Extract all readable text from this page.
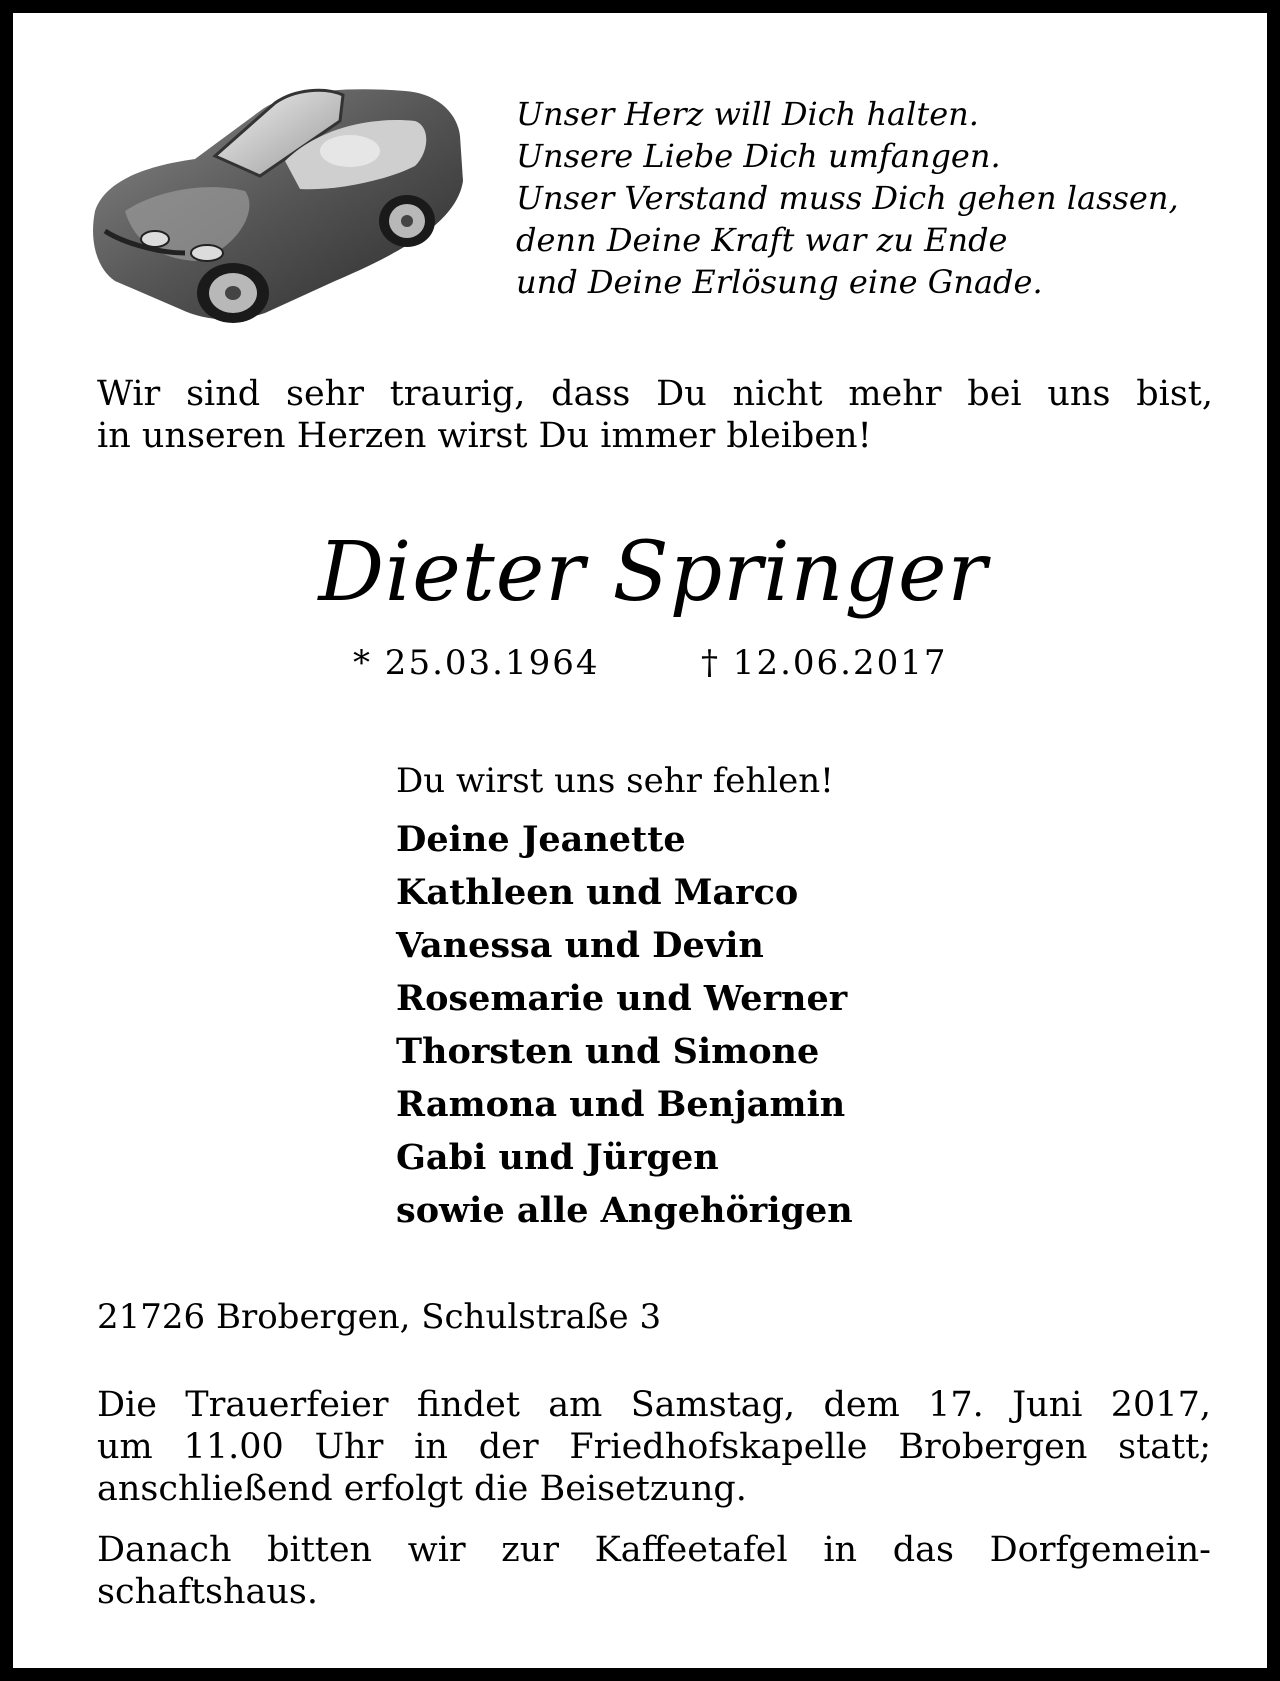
Unser Herz will Dich halten.
Unsere Liebe Dich umfangen.
Unser Verstand muss Dich gehen lassen,
denn Deine Kraft war zu Ende
und Deine Erlösung eine Gnade.
Wir sind sehr traurig, dass Du nicht mehr bei uns bist,
in unseren Herzen wirst Du immer bleiben!
Dieter Springer
* 25.03.1964	† 12.06.2017
Du wirst uns sehr fehlen!
Deine Jeanette
Kathleen und Marco
Vanessa und Devin
Rosemarie und Werner
Thorsten und Simone
Ramona und Benjamin
Gabi und Jürgen
sowie alle Angehörigen
21726 Brobergen, Schulstraße 3
Die Trauerfeier findet am Samstag, dem 17. Juni 2017,
um 11.00 Uhr in der Friedhofskapelle Brobergen statt;
anschließend erfolgt die Beisetzung.
Danach bitten wir zur Kaffeetafel in das Dorfgemein-
schaftshaus.
